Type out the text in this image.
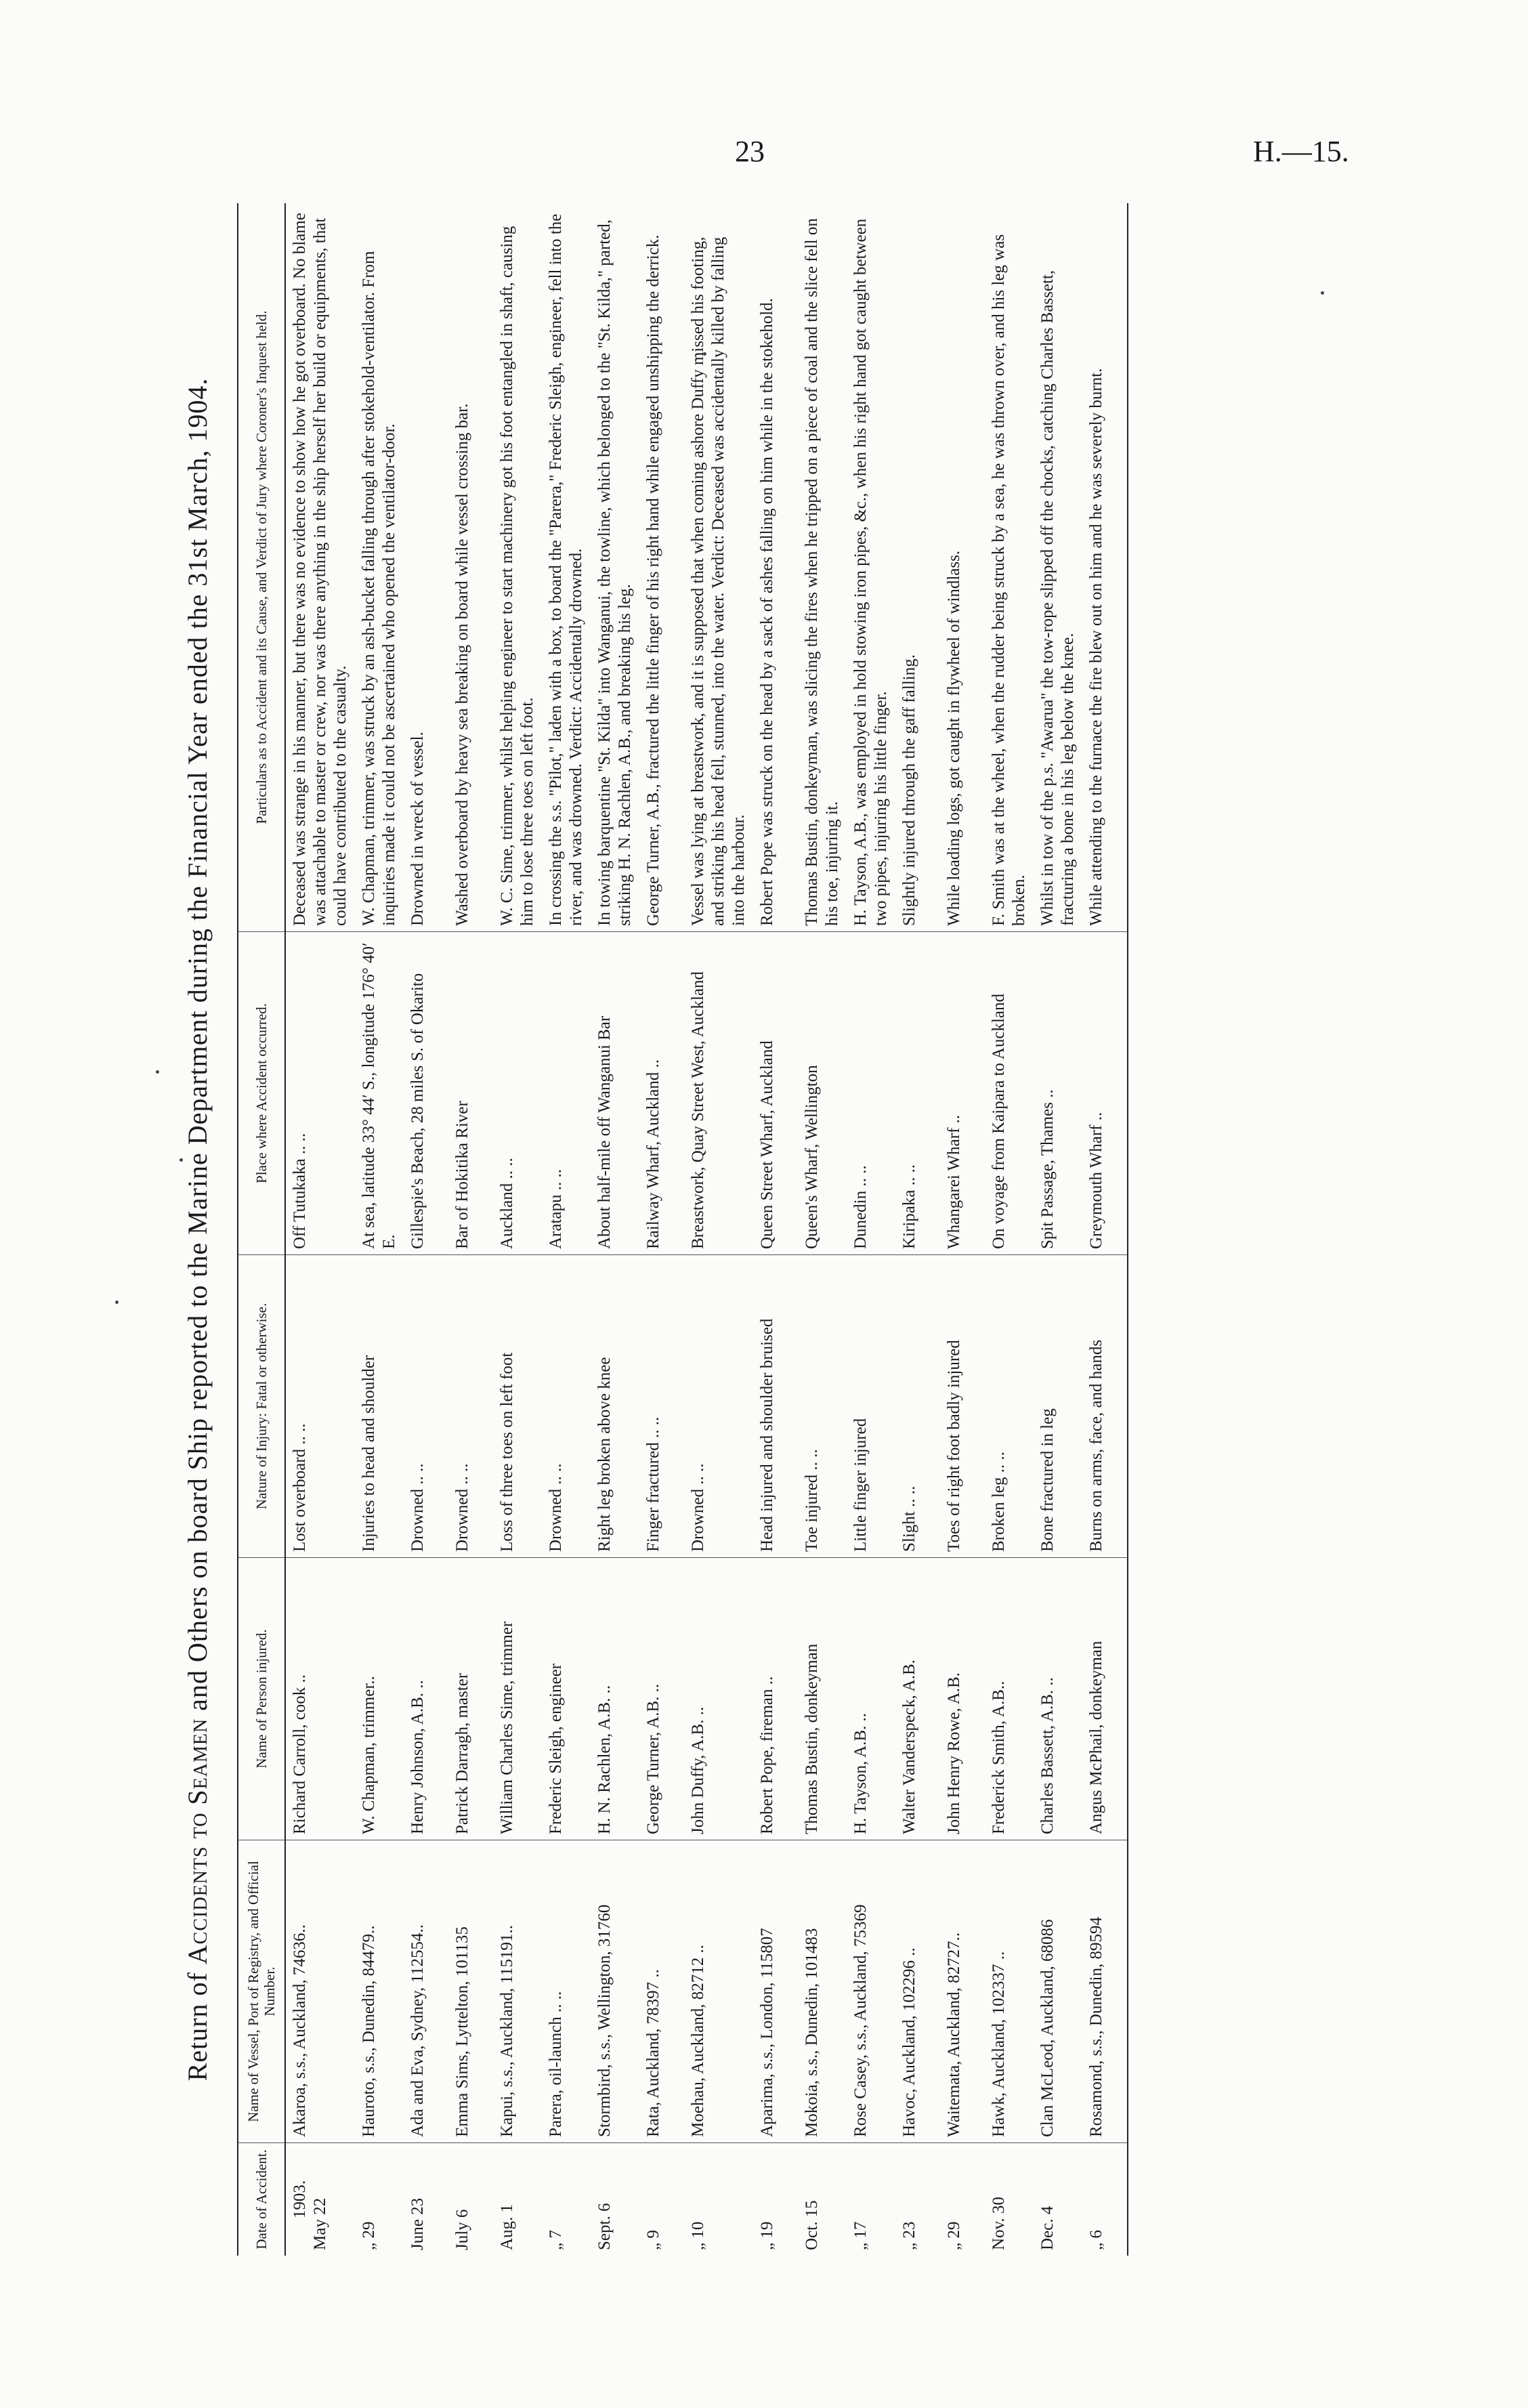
23	H.—15.
Return of Accidents to Seamen and Others on board Ship reported to the Marine Department during the Financial Year ended the 31st March, 1904.
Date of Accident.	Name of Vessel, Port of Registry, and Official Number.	Name of Person injured.	Nature of Injury: Fatal or otherwise.	Place where Accident occurred.	Particulars as to Accident and its Cause, and Verdict of Jury where Coroner's Inquest held.

1903. May 22	Akaroa, s.s., Auckland, 74636..	Richard Carroll, cook ..	Lost overboard .. ..	Off Tutukaka .. ..	Deceased was strange in his manner, but there was no evidence to show how he got overboard. No blame was attachable to master or crew, nor was there anything in the ship herself her build or equipments, that could have contributed to the casualty.
„ 29	Hauroto, s.s., Dunedin, 84479..	W. Chapman, trimmer..	Injuries to head and shoulder	At sea, latitude 33° 44′ S., longitude 176° 40′ E.	W. Chapman, trimmer, was struck by an ash-bucket falling through after stokehold-ventilator. From inquiries made it could not be ascertained who opened the ventilator-door.
June 23	Ada and Eva, Sydney, 112554..	Henry Johnson, A.B. ..	Drowned .. ..	Gillespie's Beach, 28 miles S. of Okarito	Drowned in wreck of vessel.
July 6	Emma Sims, Lyttelton, 101135	Patrick Darragh, master	Drowned .. ..	Bar of Hokitika River	Washed overboard by heavy sea breaking on board while vessel crossing bar.
Aug. 1	Kapui, s.s., Auckland, 115191..	William Charles Sime, trimmer	Loss of three toes on left foot	Auckland .. ..	W. C. Sime, trimmer, whilst helping engineer to start machinery got his foot entangled in shaft, causing him to lose three toes on left foot.
„ 7	Parera, oil-launch .. ..	Frederic Sleigh, engineer	Drowned .. ..	Aratapu .. ..	In crossing the s.s. "Pilot," laden with a box, to board the "Parera," Frederic Sleigh, engineer, fell into the river, and was drowned. Verdict: Accidentally drowned.
Sept. 6	Stormbird, s.s., Wellington, 31760	H. N. Rachlen, A.B. ..	Right leg broken above knee	About half-mile off Wanganui Bar	In towing barquentine "St. Kilda" into Wanganui, the towline, which belonged to the "St. Kilda," parted, striking H. N. Rachlen, A.B., and breaking his leg.
„ 9	Rata, Auckland, 78397 ..	George Turner, A.B. ..	Finger fractured .. ..	Railway Wharf, Auckland ..	George Turner, A.B., fractured the little finger of his right hand while engaged unshipping the derrick.
„ 10	Moehau, Auckland, 82712 ..	John Duffy, A.B. ..	Drowned .. ..	Breastwork, Quay Street West, Auckland	Vessel was lying at breastwork, and it is supposed that when coming ashore Duffy missed his footing, and striking his head fell, stunned, into the water. Verdict: Deceased was accidentally killed by falling into the harbour.
„ 19	Aparima, s.s., London, 115807	Robert Pope, fireman ..	Head injured and shoulder bruised	Queen Street Wharf, Auckland	Robert Pope was struck on the head by a sack of ashes falling on him while in the stokehold.
Oct. 15	Mokoia, s.s., Dunedin, 101483	Thomas Bustin, donkeyman	Toe injured .. ..	Queen's Wharf, Wellington	Thomas Bustin, donkeyman, was slicing the fires when he tripped on a piece of coal and the slice fell on his toe, injuring it.
„ 17	Rose Casey, s.s., Auckland, 75369	H. Tayson, A.B. ..	Little finger injured	Dunedin .. ..	H. Tayson, A.B., was employed in hold stowing iron pipes, &c., when his right hand got caught between two pipes, injuring his little finger.
„ 23	Havoc, Auckland, 102296 ..	Walter Vanderspeck, A.B.	Slight .. ..	Kiripaka .. ..	Slightly injured through the gaff falling.
„ 29	Waitemata, Auckland, 82727..	John Henry Rowe, A.B.	Toes of right foot badly injured	Whangarei Wharf ..	While loading logs, got caught in flywheel of windlass.
Nov. 30	Hawk, Auckland, 102337 ..	Frederick Smith, A.B..	Broken leg .. ..	On voyage from Kaipara to Auckland	F. Smith was at the wheel, when the rudder being struck by a sea, he was thrown over, and his leg was broken.
Dec. 4	Clan McLeod, Auckland, 68086	Charles Bassett, A.B. ..	Bone fractured in leg	Spit Passage, Thames ..	Whilst in tow of the p.s. "Awarua" the tow-rope slipped off the chocks, catching Charles Bassett, fracturing a bone in his leg below the knee.
„ 6	Rosamond, s.s., Dunedin, 89594	Angus McPhail, donkeyman	Burns on arms, face, and hands	Greymouth Wharf ..	While attending to the furnace the fire blew out on him and he was severely burnt.
